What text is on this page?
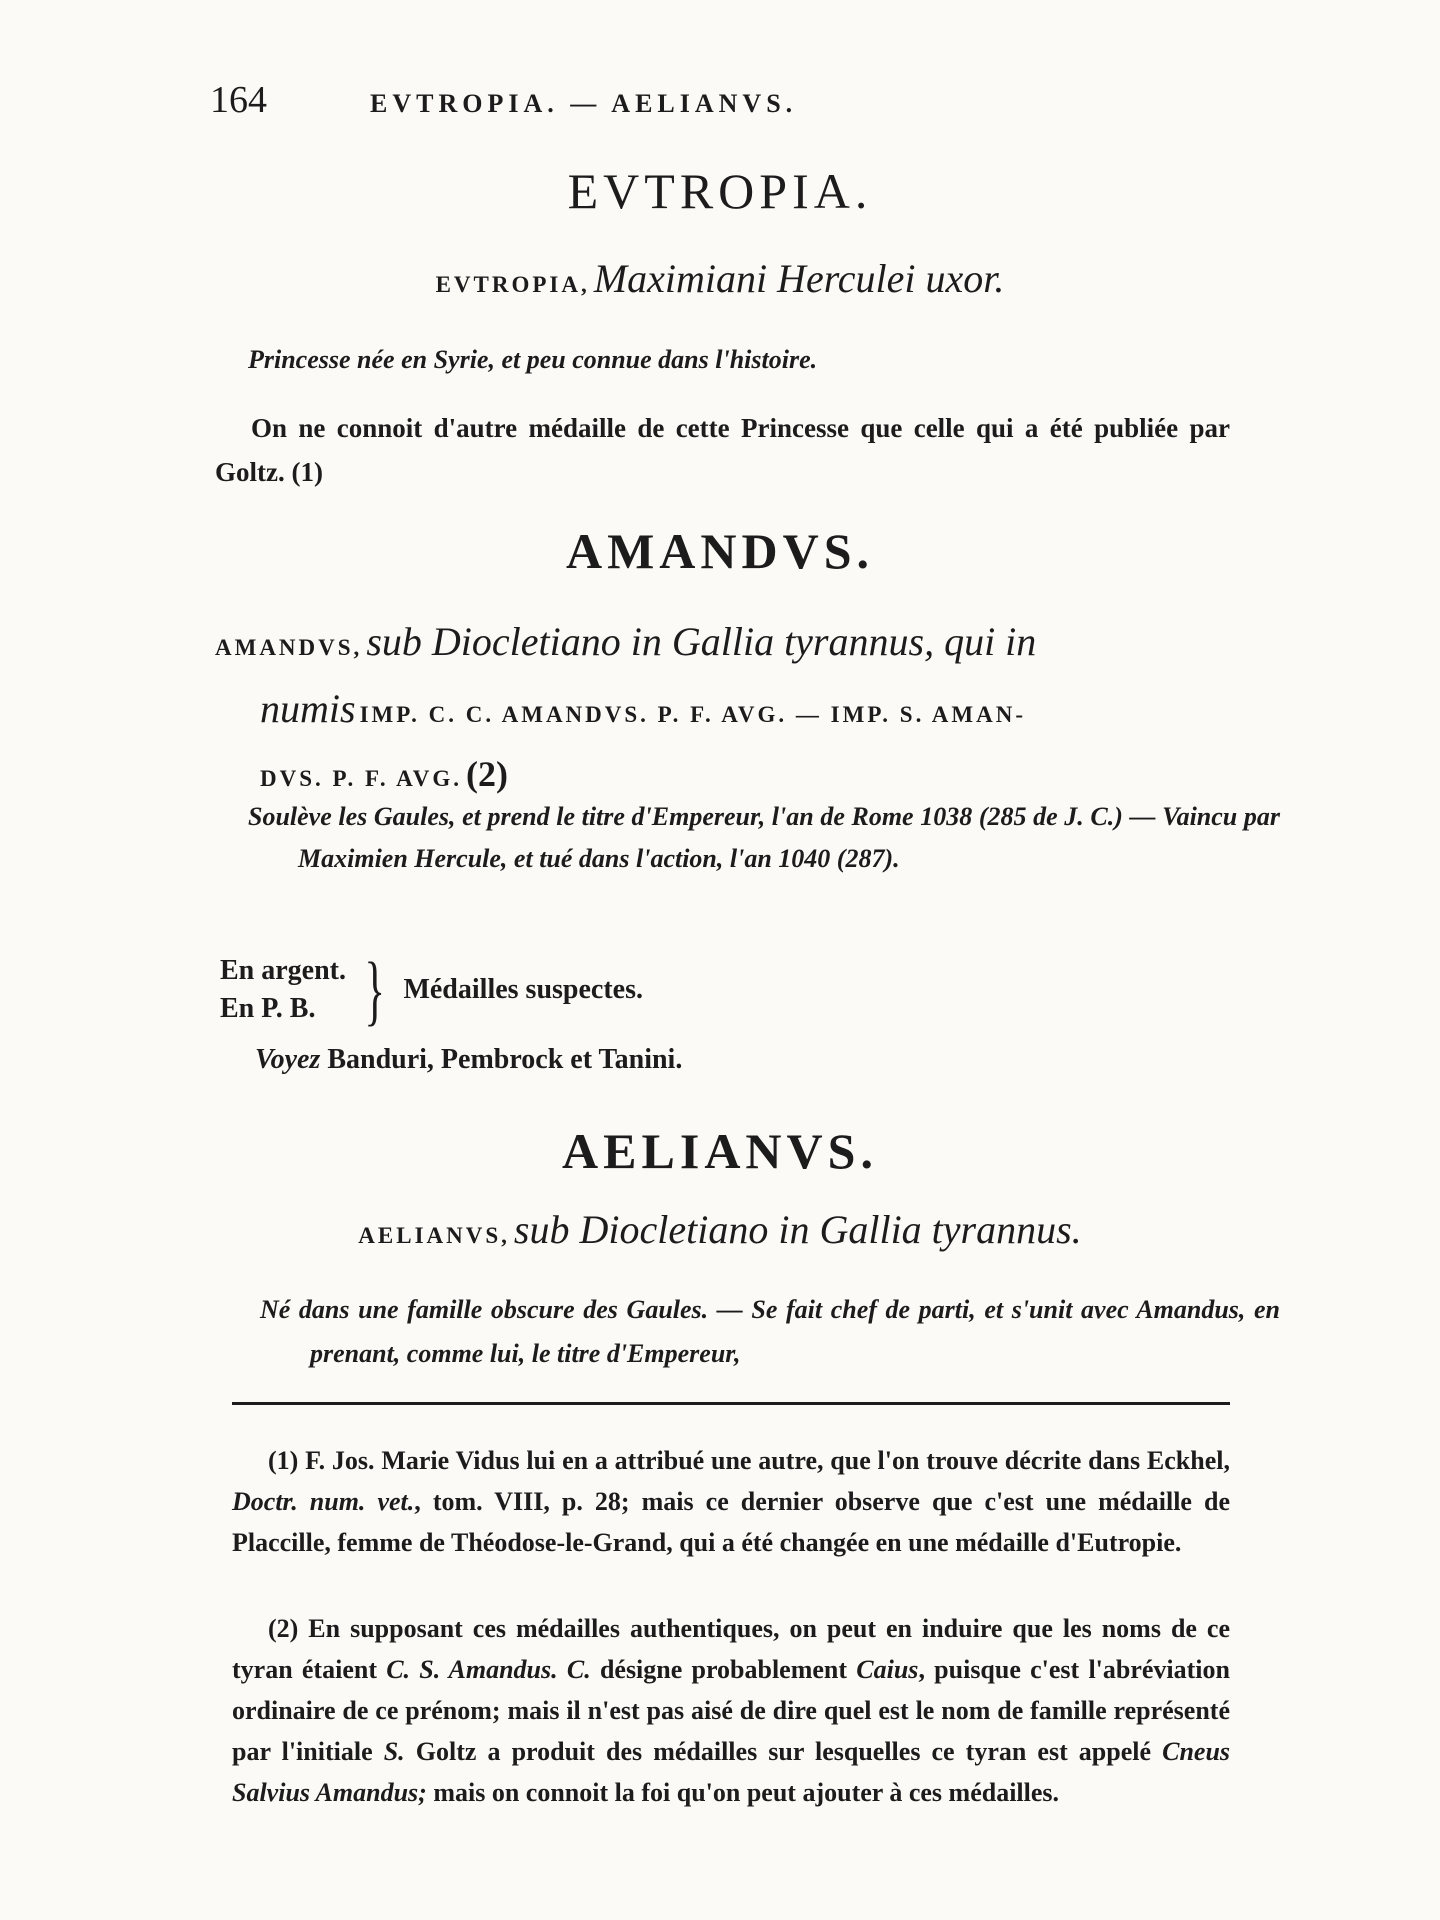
164	EVTROPIA. — AELIANVS.
EVTROPIA.
EVTROPIA, Maximiani Herculei uxor.
Princesse née en Syrie, et peu connue dans l'histoire.
On ne connoit d'autre médaille de cette Princesse que celle qui a été publiée par Goltz. (1)
AMANDVS.
AMANDVS, sub Diocletiano in Gallia tyrannus, qui in
numis IMP. C. C. AMANDVS. P. F. AVG. — IMP. S. AMAN-
DVS. P. F. AVG. (2)
Soulève les Gaules, et prend le titre d'Empereur, l'an de Rome 1038 (285 de J. C.) — Vaincu par Maximien Hercule, et tué dans l'action, l'an 1040 (287).
En argent.
En P. B. } Médailles suspectes.
Voyez Banduri, Pembrock et Tanini.
AELIANVS.
AELIANVS, sub Diocletiano in Gallia tyrannus.
Né dans une famille obscure des Gaules. — Se fait chef de parti, et s'unit avec Amandus, en prenant, comme lui, le titre d'Empereur,
(1) F. Jos. Marie Vidus lui en a attribué une autre, que l'on trouve décrite dans Eckhel, Doctr. num. vet., tom. VIII, p. 28; mais ce dernier observe que c'est une médaille de Placcille, femme de Théodose-le-Grand, qui a été changée en une médaille d'Eutropie.
(2) En supposant ces médailles authentiques, on peut en induire que les noms de ce tyran étaient C. S. Amandus. C. désigne probablement Caius, puisque c'est l'abréviation ordinaire de ce prénom; mais il n'est pas aisé de dire quel est le nom de famille représenté par l'initiale S. Goltz a produit des médailles sur lesquelles ce tyran est appelé Cneus Salvius Amandus; mais on connoit la foi qu'on peut ajouter à ces médailles.
